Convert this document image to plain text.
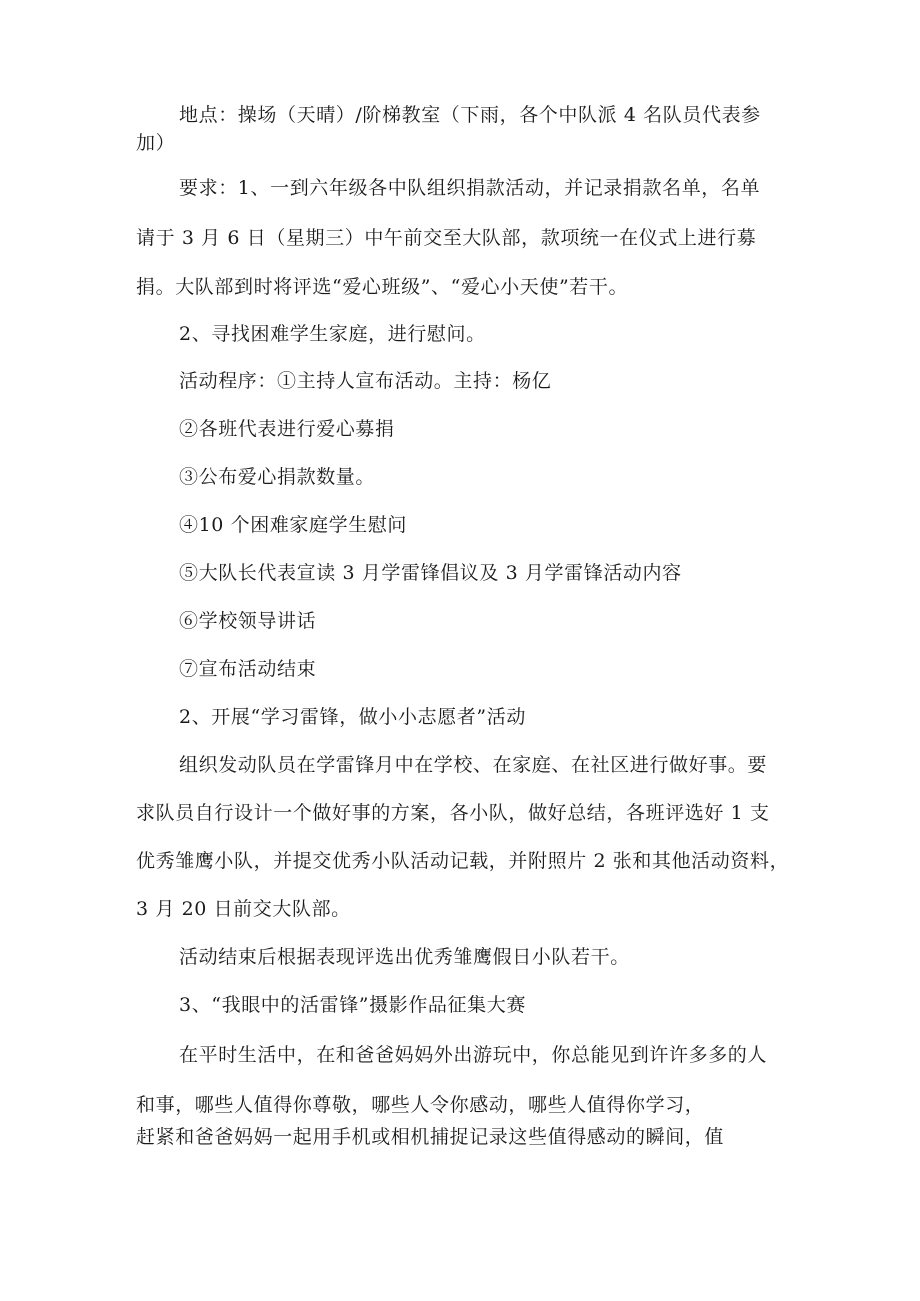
地点：操场（天晴）/阶梯教室（下雨，各个中队派 4 名队员代表参
加）
要求：1、一到六年级各中队组织捐款活动，并记录捐款名单，名单
请于 3 月 6 日（星期三）中午前交至大队部，款项统一在仪式上进行募
捐。大队部到时将评选“爱心班级”、“爱心小天使”若干。
2、寻找困难学生家庭，进行慰问。
活动程序：①主持人宣布活动。主持：杨亿
②各班代表进行爱心募捐
③公布爱心捐款数量。
④10 个困难家庭学生慰问
⑤大队长代表宣读 3 月学雷锋倡议及 3 月学雷锋活动内容
⑥学校领导讲话
⑦宣布活动结束
2、开展“学习雷锋，做小小志愿者”活动
组织发动队员在学雷锋月中在学校、在家庭、在社区进行做好事。要
求队员自行设计一个做好事的方案，各小队，做好总结，各班评选好 1 支
优秀雏鹰小队，并提交优秀小队活动记载，并附照片 2 张和其他活动资料，
3 月 20 日前交大队部。
活动结束后根据表现评选出优秀雏鹰假日小队若干。
3、“我眼中的活雷锋”摄影作品征集大赛
在平时生活中，在和爸爸妈妈外出游玩中，你总能见到许许多多的人
和事，哪些人值得你尊敬，哪些人令你感动，哪些人值得你学习，
赶紧和爸爸妈妈一起用手机或相机捕捉记录这些值得感动的瞬间，值
